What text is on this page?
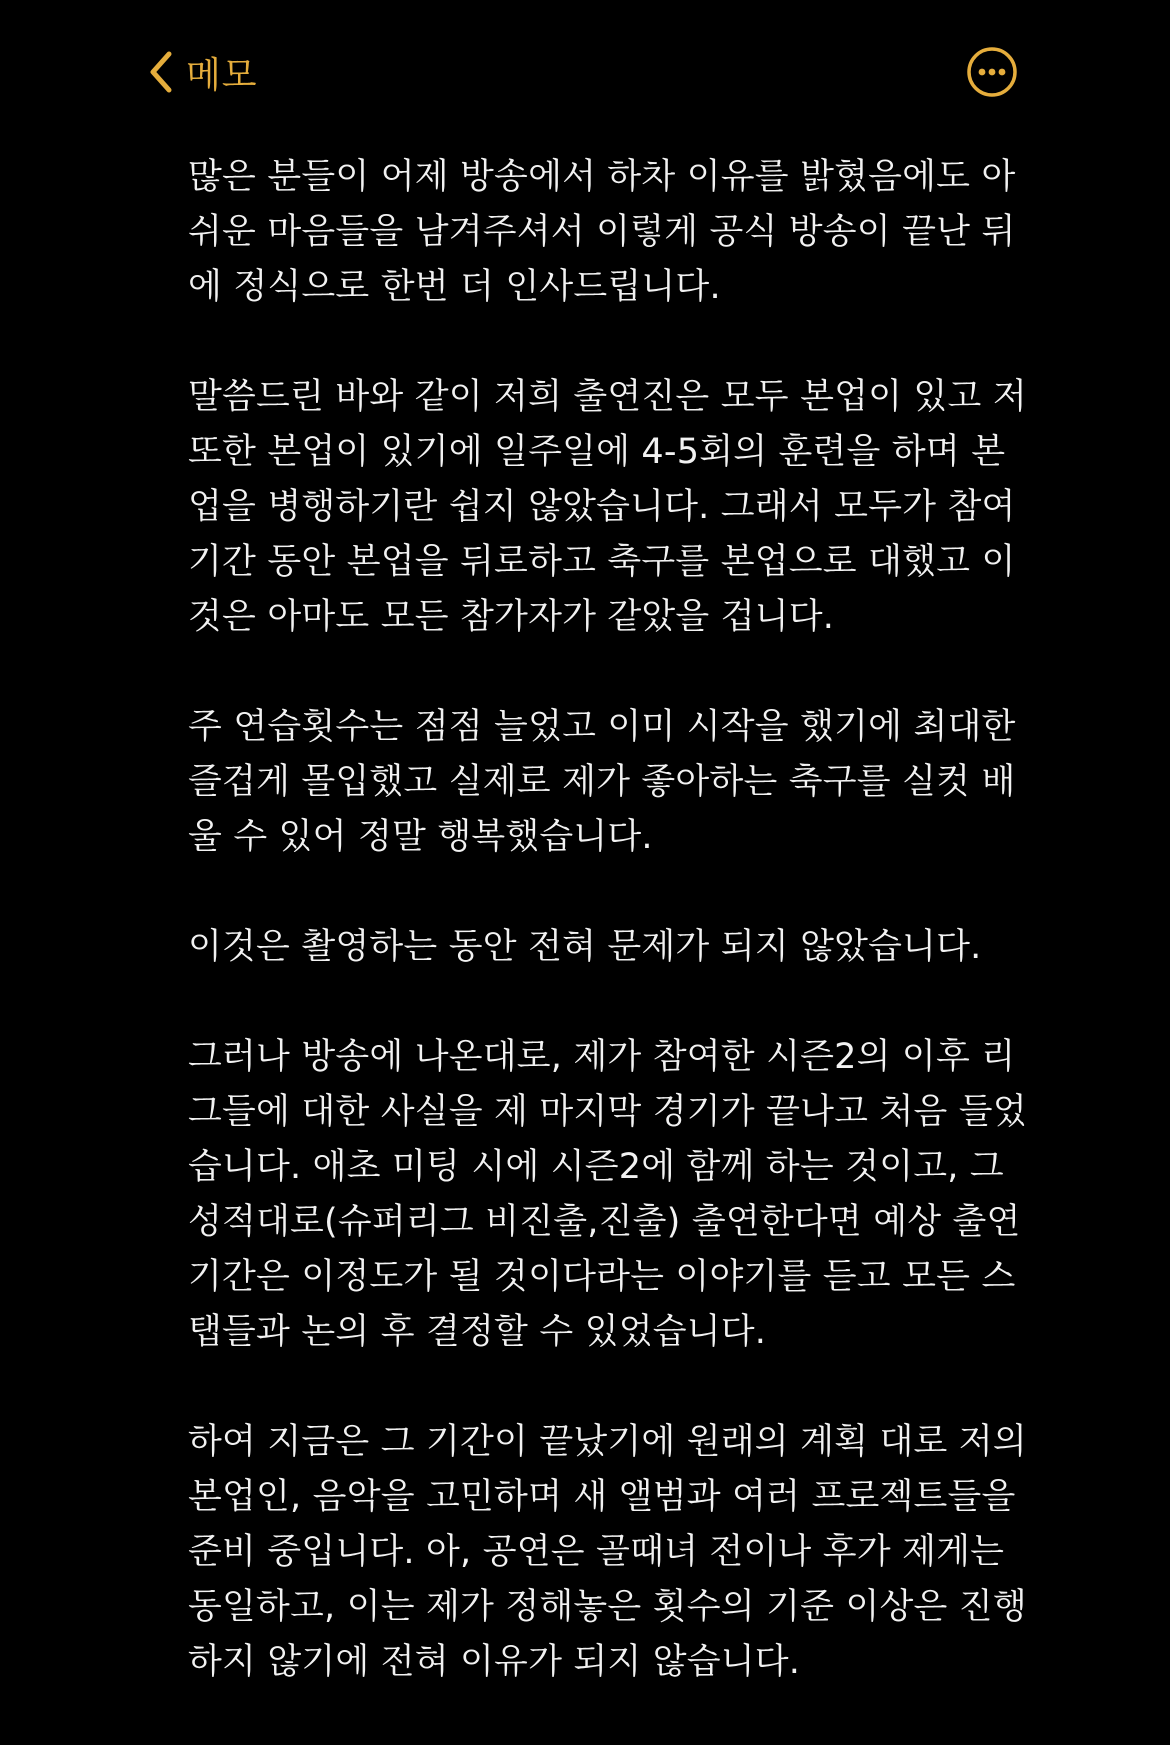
메모
많은 분들이 어제 방송에서 하차 이유를 밝혔음에도 아
쉬운 마음들을 남겨주셔서 이렇게 공식 방송이 끝난 뒤
에 정식으로 한번 더 인사드립니다.
말씀드린 바와 같이 저희 출연진은 모두 본업이 있고 저
또한 본업이 있기에 일주일에 4-5회의 훈련을 하며 본
업을 병행하기란 쉽지 않았습니다. 그래서 모두가 참여
기간 동안 본업을 뒤로하고 축구를 본업으로 대했고 이
것은 아마도 모든 참가자가 같았을 겁니다.
주 연습횟수는 점점 늘었고 이미 시작을 했기에 최대한
즐겁게 몰입했고 실제로 제가 좋아하는 축구를 실컷 배
울 수 있어 정말 행복했습니다.
이것은 촬영하는 동안 전혀 문제가 되지 않았습니다.
그러나 방송에 나온대로, 제가 참여한 시즌2의 이후 리
그들에 대한 사실을 제 마지막 경기가 끝나고 처음 들었
습니다. 애초 미팅 시에 시즌2에 함께 하는 것이고, 그
성적대로(슈퍼리그 비진출,진출) 출연한다면 예상 출연
기간은 이정도가 될 것이다라는 이야기를 듣고 모든 스
탭들과 논의 후 결정할 수 있었습니다.
하여 지금은 그 기간이 끝났기에 원래의 계획 대로 저의
본업인, 음악을 고민하며 새 앨범과 여러 프로젝트들을
준비 중입니다. 아, 공연은 골때녀 전이나 후가 제게는
동일하고, 이는 제가 정해놓은 횟수의 기준 이상은 진행
하지 않기에 전혀 이유가 되지 않습니다.
